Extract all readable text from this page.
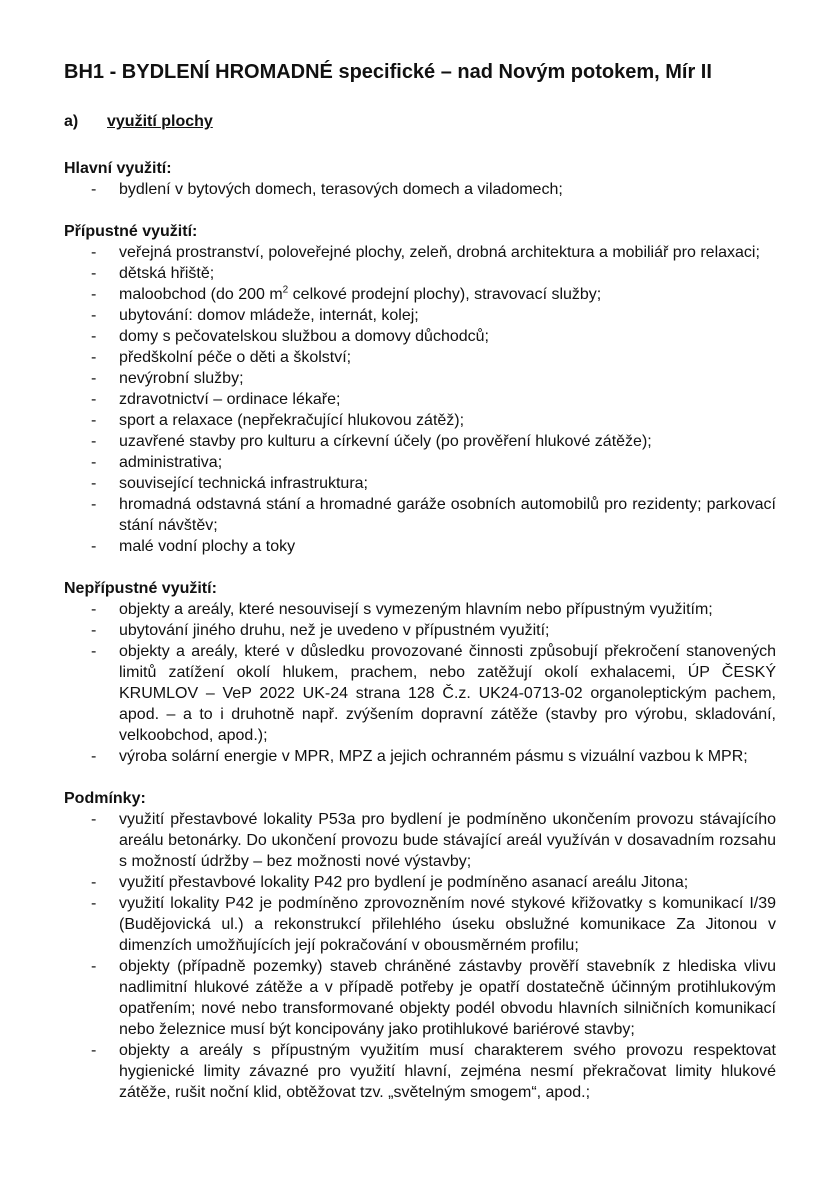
BH1 - BYDLENÍ HROMADNÉ specifické – nad Novým potokem, Mír II
a)	využití plochy

Hlavní využití:

-	bydlení v bytových domech, terasových domech a viladomech;

Přípustné využití:

-	veřejná prostranství, poloveřejné plochy, zeleň, drobná architektura a mobiliář pro relaxaci;
-	dětská hřiště;
-	maloobchod (do 200 $m^2$ celkové prodejní plochy), stravovací služby;
-	ubytování: domov mládeže, internát, kolej;
-	domy s pečovatelskou službou a domovy důchodců;
-	předškolní péče o děti a školství;
-	nevýrobní služby;
-	zdravotnictví – ordinace lékaře;
-	sport a relaxace (nepřekračující hlukovou zátěž);
-	uzavřené stavby pro kulturu a církevní účely (po prověření hlukové zátěže);
-	administrativa;
-	související technická infrastruktura;
-	hromadná odstavná stání a hromadné garáže osobních automobilů pro rezidenty; parkovací stání návštěv;
-	malé vodní plochy a toky

Nepřípustné využití:

-	objekty a areály, které nesouvisejí s vymezeným hlavním nebo přípustným využitím;
-	ubytování jiného druhu, než je uvedeno v přípustném využití;
-	objekty a areály, které v důsledku provozované činnosti způsobují překročení stanovených limitů zatížení okolí hlukem, prachem, nebo zatěžují okolí exhalacemi, ÚP ČESKÝ KRUMLOV – VeP 2022 UK-24 strana 128 Č.z. UK24-0713-02 organoleptickým pachem, apod. – a to i druhotně např. zvýšením dopravní zátěže (stavby pro výrobu, skladování, velkoobchod, apod.);
-	výroba solární energie v MPR, MPZ a jejich ochranném pásmu s vizuální vazbou k MPR;

Podmínky:

-	využití přestavbové lokality P53a pro bydlení je podmíněno ukončením provozu stávajícího areálu betonárky. Do ukončení provozu bude stávající areál využíván v dosavadním rozsahu s možností údržby – bez možnosti nové výstavby;
-	využití přestavbové lokality P42 pro bydlení je podmíněno asanací areálu Jitona;
-	využití lokality P42 je podmíněno zprovozněním nové stykové křižovatky s komunikací I/39 (Budějovická ul.) a rekonstrukcí přilehlého úseku obslužné komunikace Za Jitonou v dimenzích umožňujících její pokračování v obousměrném profilu;
-	objekty (případně pozemky) staveb chráněné zástavby prověří stavebník z hlediska vlivu nadlimitní hlukové zátěže a v případě potřeby je opatří dostatečně účinným protihlukovým opatřením; nové nebo transformované objekty podél obvodu hlavních silničních komunikací nebo železnice musí být koncipovány jako protihlukové bariérové stavby;
-	objekty a areály s přípustným využitím musí charakterem svého provozu respektovat hygienické limity závazné pro využití hlavní, zejména nesmí překračovat limity hlukové zátěže, rušit noční klid, obtěžovat tzv. „světelným smogem“, apod.;
